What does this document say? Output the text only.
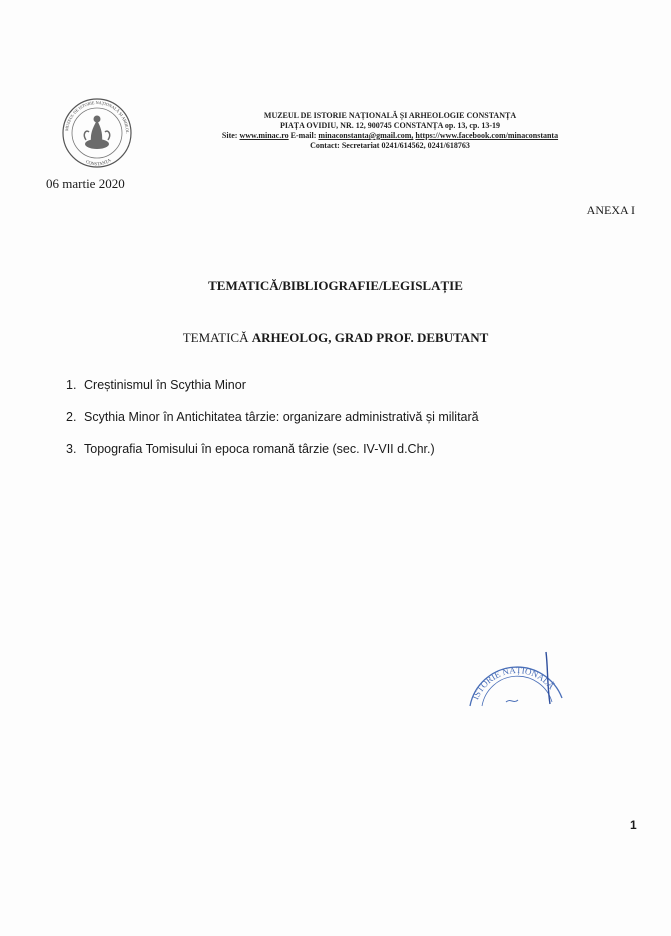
MUZEUL DE ISTORIE NAȚIONALĂ ȘI ARHEOL
CONSTANȚA
MUZEUL DE ISTORIE NAȚIONALĂ ȘI ARHEOLOGIE CONSTANȚA
PIAȚA OVIDIU, NR. 12, 900745 CONSTANȚA op. 13, cp. 13-19
Site: www.minac.ro E-mail: minaconstanta@gmail.com, https://www.facebook.com/minaconstanta
Contact: Secretariat 0241/614562, 0241/618763
06 martie 2020
ANEXA I
TEMATICĂ/BIBLIOGRAFIE/LEGISLAȚIE
TEMATICĂ ARHEOLOG, GRAD PROF. DEBUTANT
1. Creștinismul în Scythia Minor
2. Scythia Minor în Antichitatea târzie: organizare administrativă și militară
3. Topografia Tomisului în epoca romană târzie (sec. IV-VII d.Chr.)
ISTORIE NAȚIONALĂ
1
